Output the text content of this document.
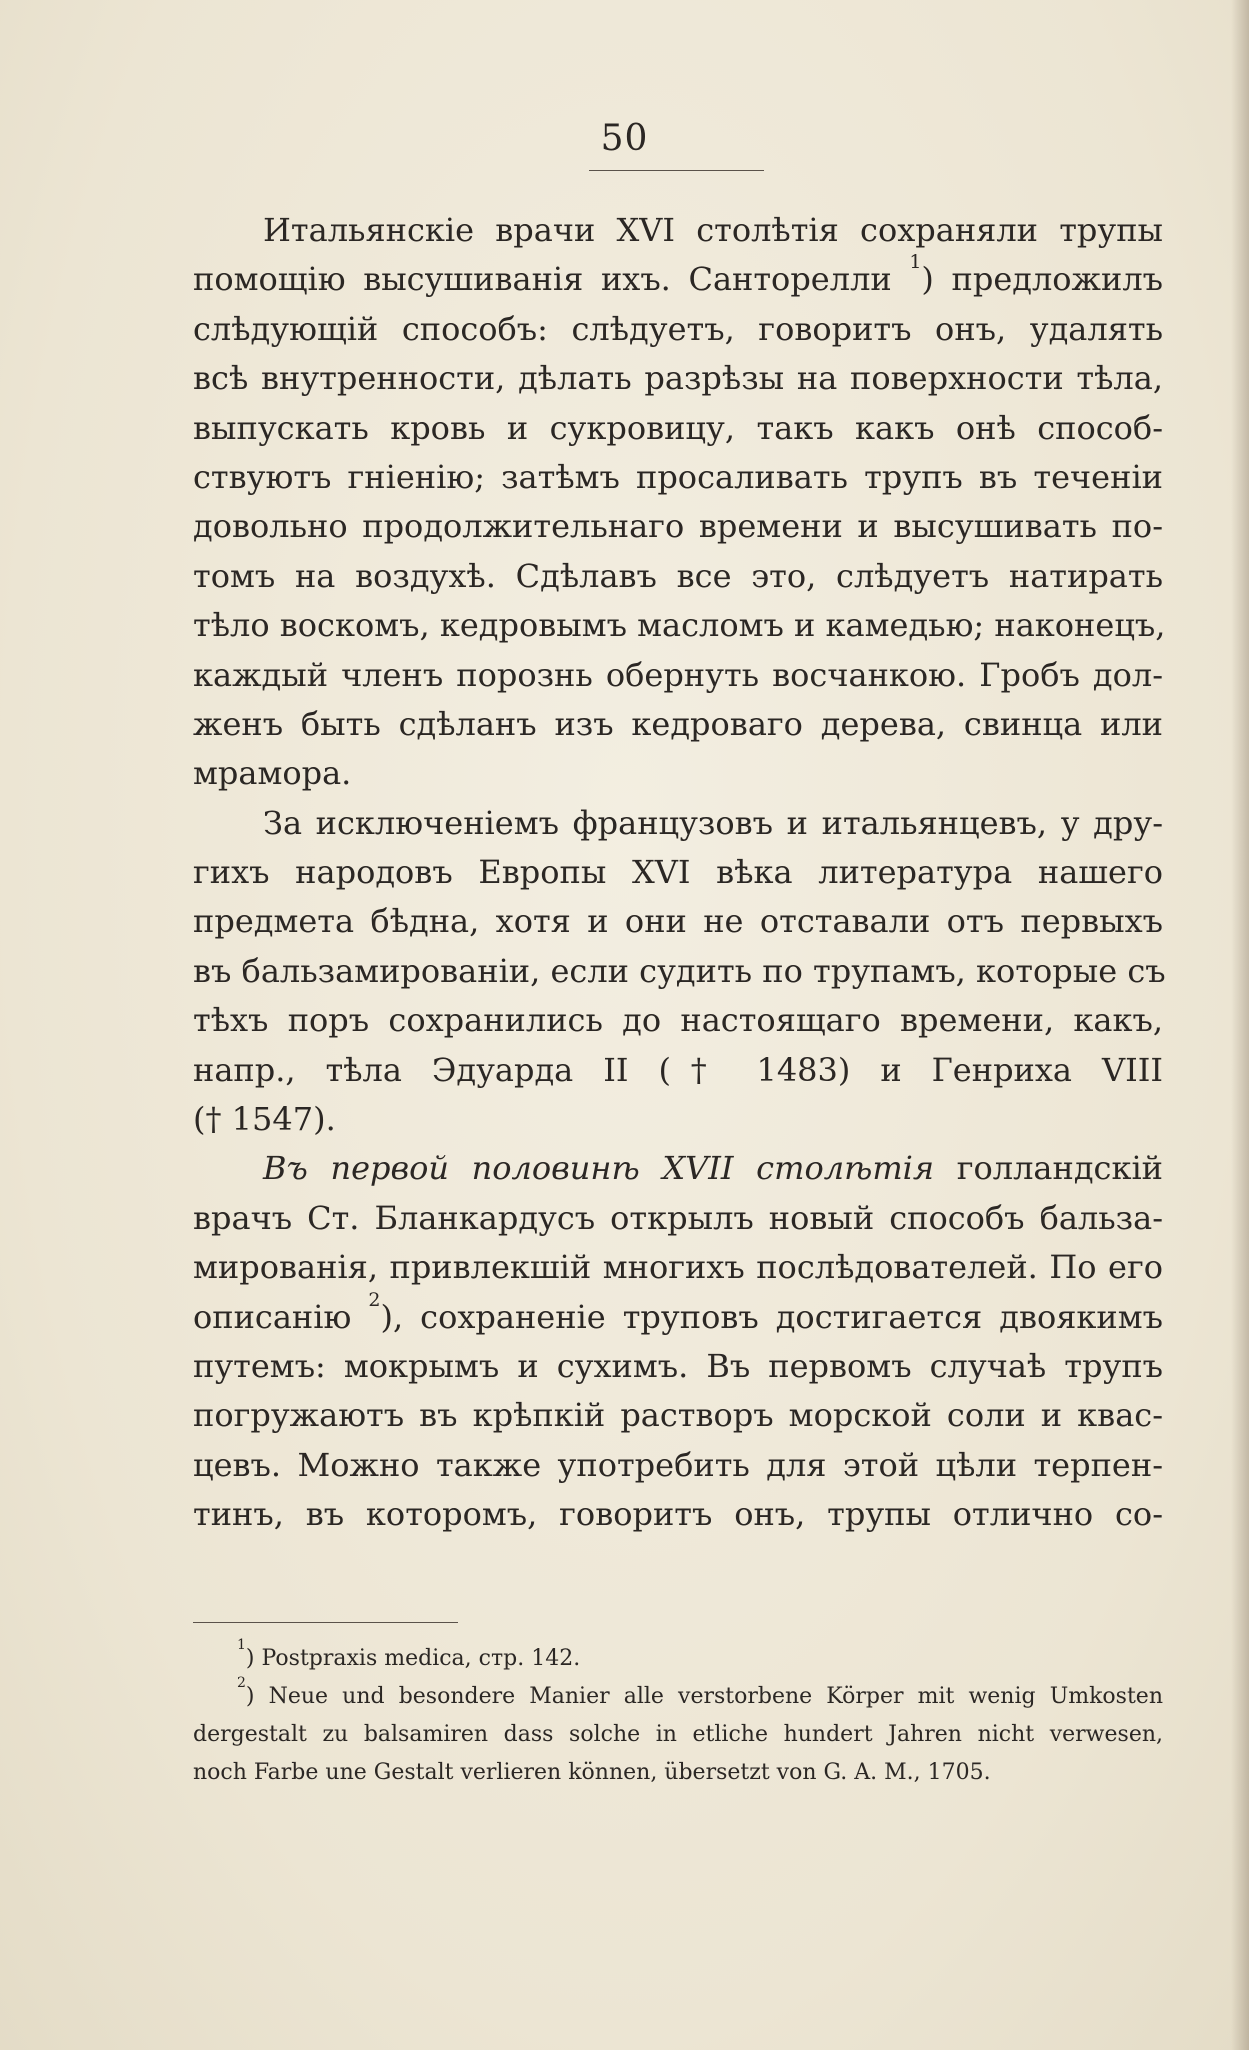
50
Итальянскіе врачи XVI столѣтія сохраняли трупы
помощію высушиванія ихъ. Санторелли $^1$) предложилъ
слѣдующій способъ: слѣдуетъ, говоритъ онъ, удалять
всѣ внутренности, дѣлать разрѣзы на поверхности тѣла,
выпускать кровь и сукровицу, такъ какъ онѣ способ-
ствуютъ гніенію; затѣмъ просаливать трупъ въ теченіи
довольно продолжительнаго времени и высушивать по-
томъ на воздухѣ. Сдѣлавъ все это, слѣдуетъ натирать
тѣло воскомъ, кедровымъ масломъ и камедью; наконецъ,
каждый членъ порознь обернуть восчанкою. Гробъ дол-
женъ быть сдѣланъ изъ кедроваго дерева, свинца или
мрамора.
За исключеніемъ французовъ и итальянцевъ, у дру-
гихъ народовъ Европы XVI вѣка литература нашего
предмета бѣдна, хотя и они не отставали отъ первыхъ
въ бальзамированіи, если судить по трупамъ, которые съ
тѣхъ поръ сохранились до настоящаго времени, какъ,
напр., тѣла Эдуарда II († 1483) и Генриха VIII
(† 1547).
Въ первой половинѣ XVII столѣтія голландскій
врачъ Ст. Бланкардусъ открылъ новый способъ бальза-
мированія, привлекшій многихъ послѣдователей. По его
описанію $^2$), сохраненіе труповъ достигается двоякимъ
путемъ: мокрымъ и сухимъ. Въ первомъ случаѣ трупъ
погружаютъ въ крѣпкій растворъ морской соли и квас-
цевъ. Можно также употребить для этой цѣли терпен-
тинъ, въ которомъ, говоритъ онъ, трупы отлично со-
$^1$) Postpraxis medica, стр. 142.
$^2$) Neue und besondere Manier alle verstorbene Körper mit wenig Umkosten
dergestalt zu balsamiren dass solche in etliche hundert Jahren nicht verwesen,
noch Farbe une Gestalt verlieren können, übersetzt von G. A. M., 1705.
